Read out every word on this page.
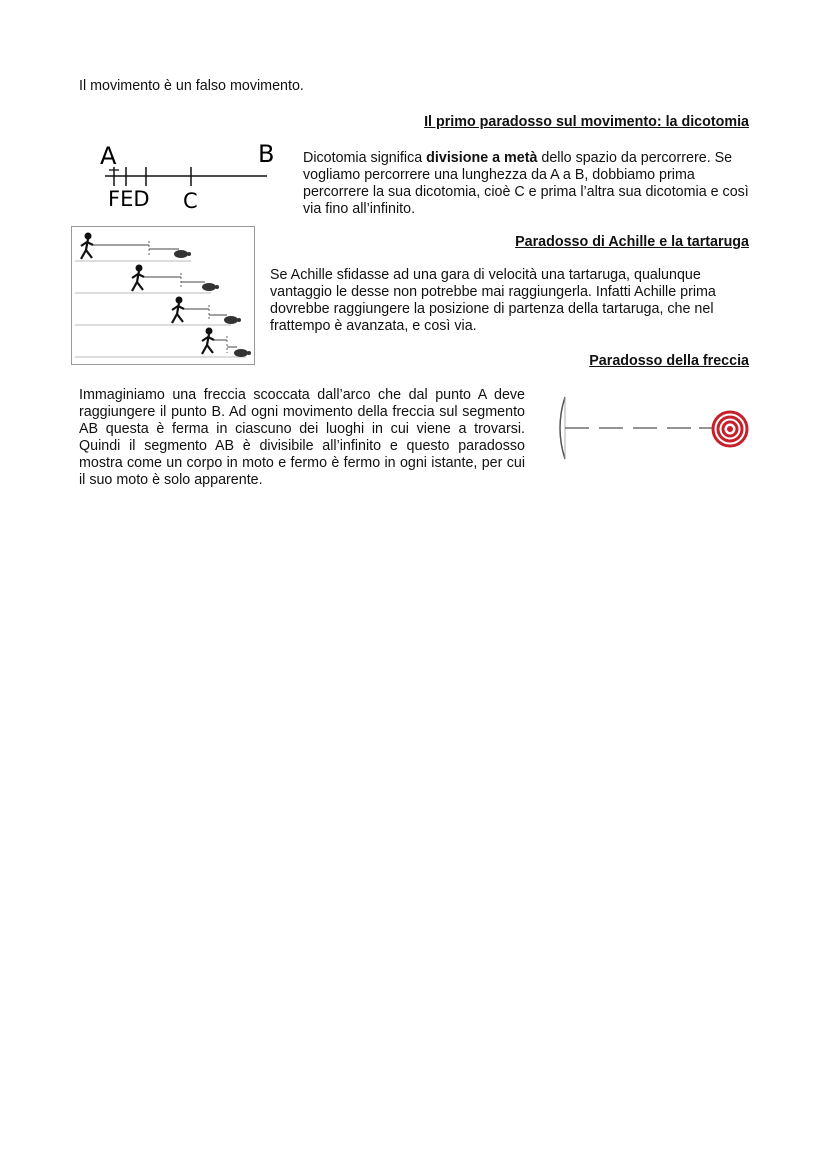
Il movimento è un falso movimento.
Il primo paradosso sul movimento: la dicotomia
A	B
FED C
Dicotomia significa divisione a metà dello spazio da percorrere. Se vogliamo percorrere una lunghezza da A a B, dobbiamo prima percorrere la sua dicotomia, cioè C e prima l’altra sua dicotomia e così via fino all’infinito.
Paradosso di Achille e la tartaruga
Se Achille sfidasse ad una gara di velocità una tartaruga, qualunque vantaggio le desse non potrebbe mai raggiungerla. Infatti Achille prima dovrebbe raggiungere la posizione di partenza della tartaruga, che nel frattempo è avanzata, e così via.
Paradosso della freccia
Immaginiamo una freccia scoccata dall’arco che dal punto A deve raggiungere il punto B. Ad ogni movimento della freccia sul segmento AB questa è ferma in ciascuno dei luoghi in cui viene a trovarsi. Quindi il segmento AB è divisibile all’infinito e questo paradosso mostra come un corpo in moto e fermo è fermo in ogni istante, per cui il suo moto è solo apparente.
